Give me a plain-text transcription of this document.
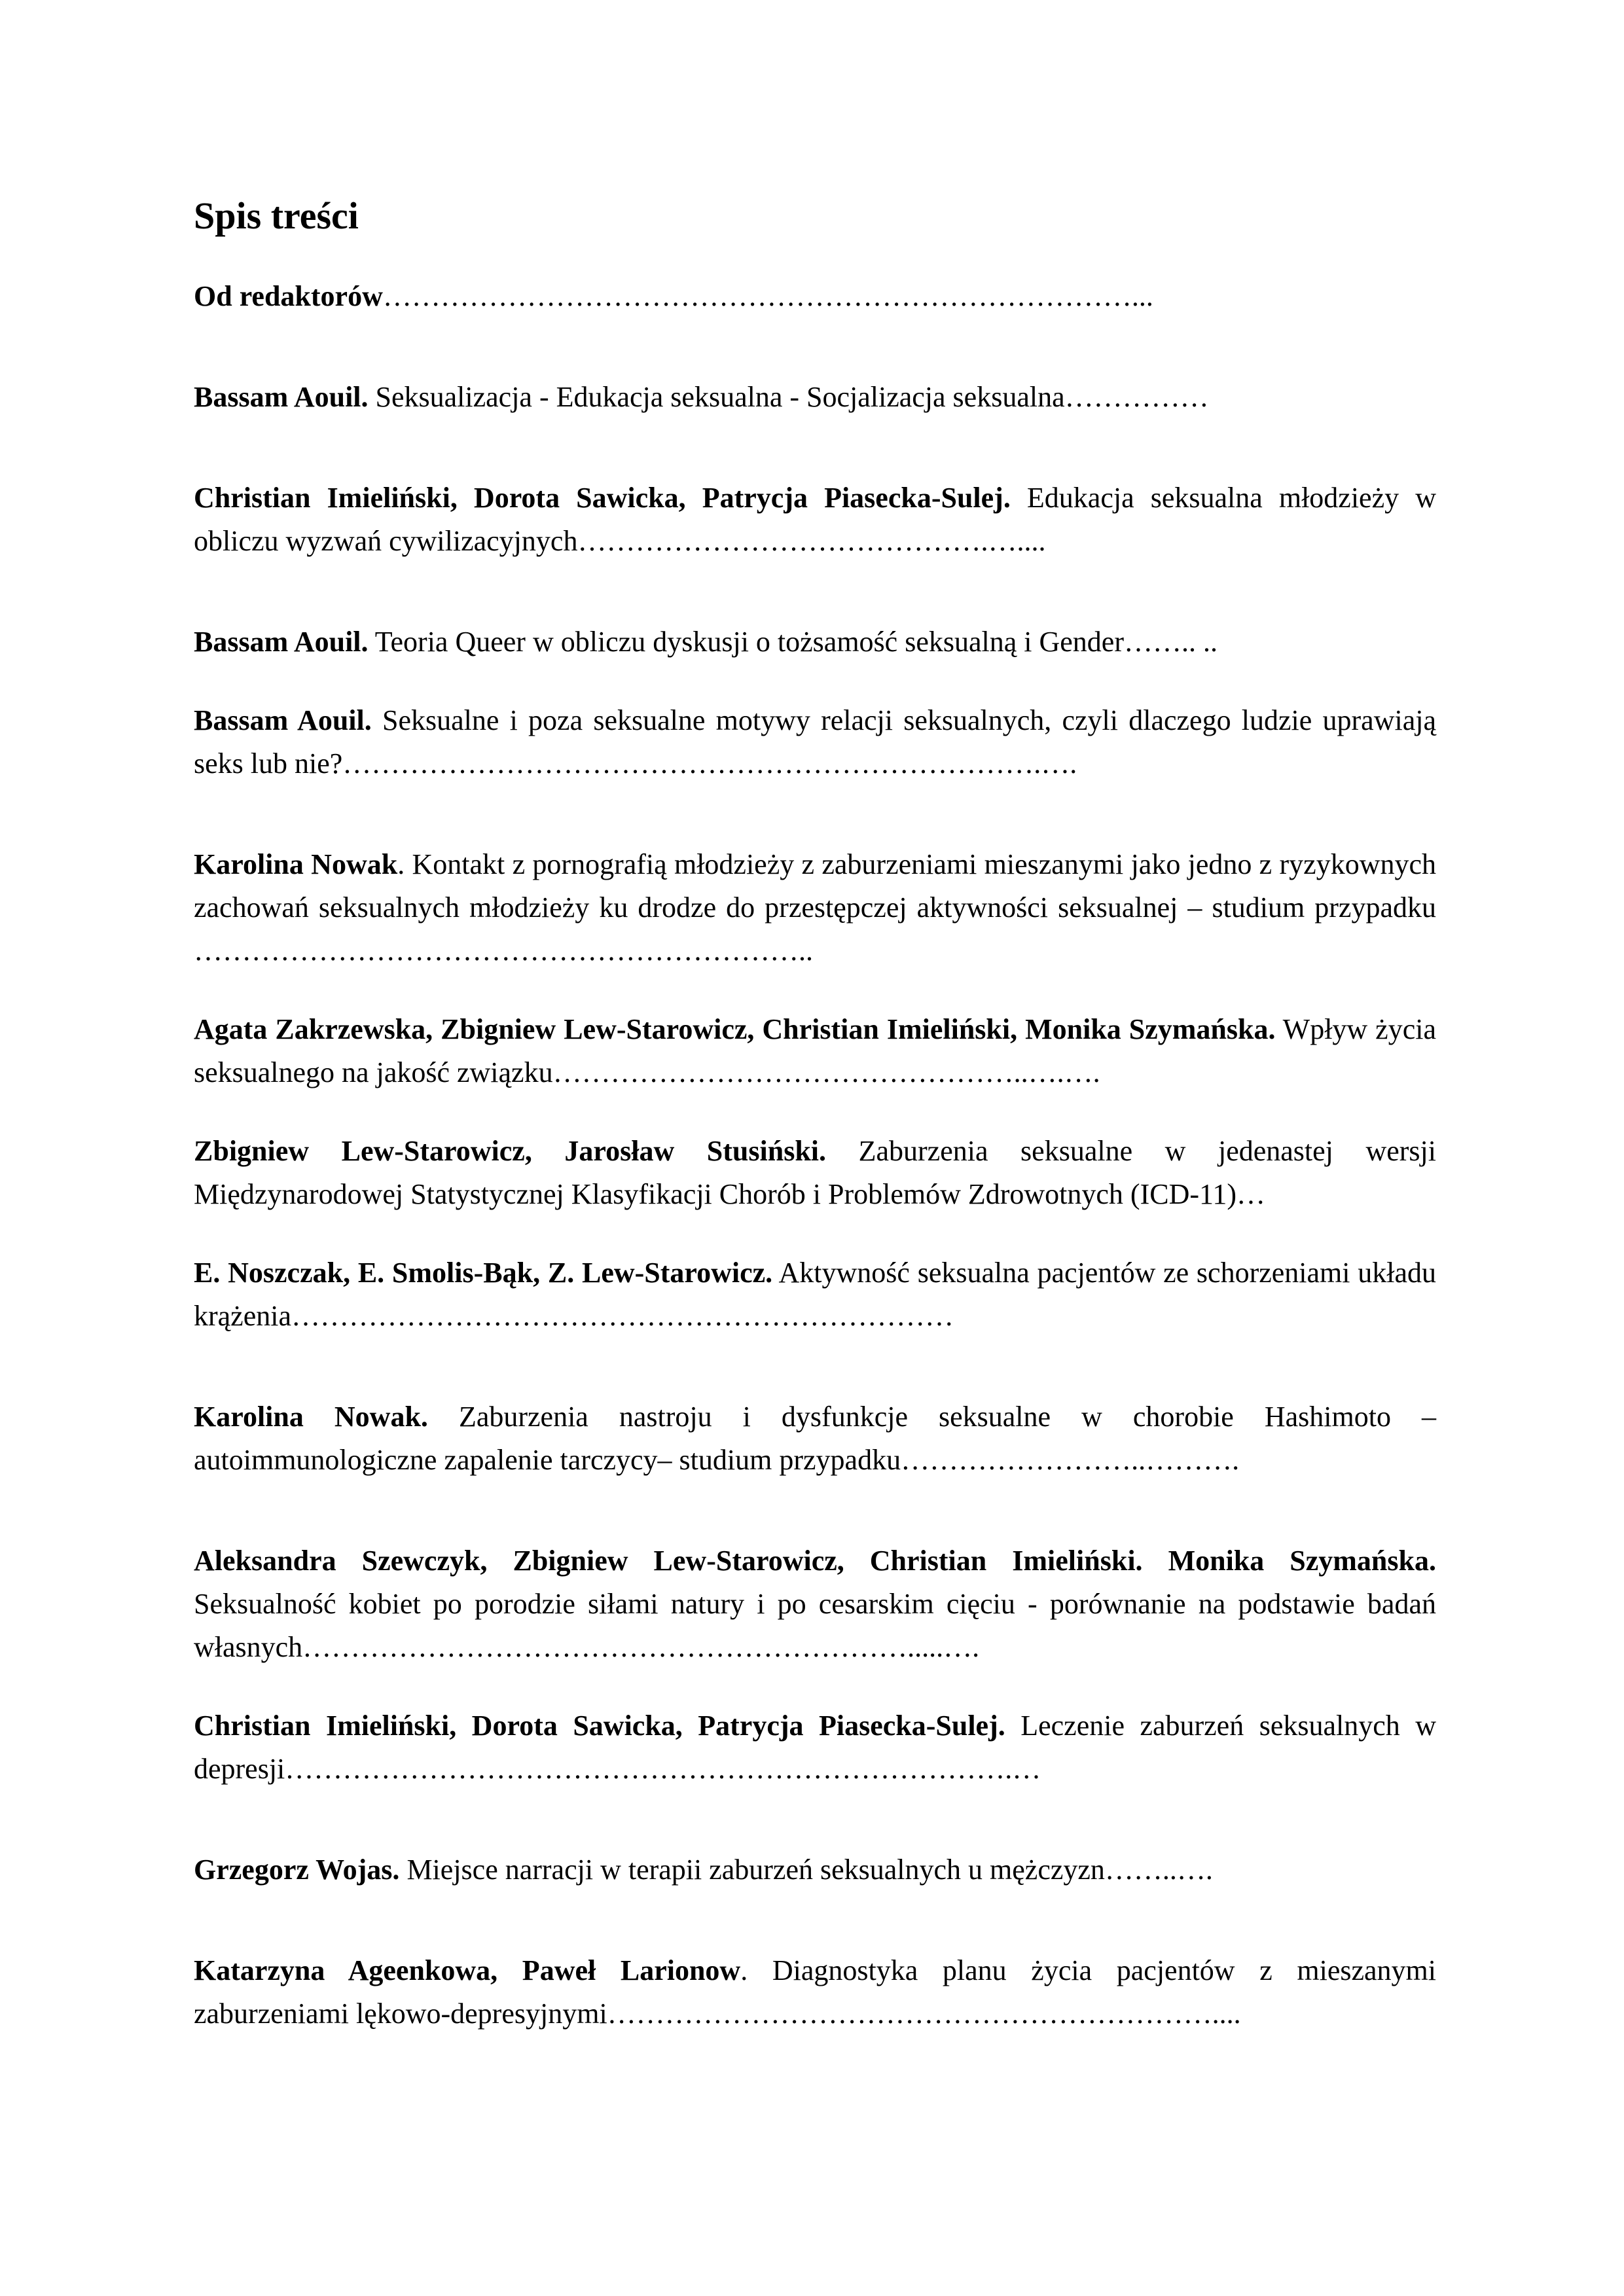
Spis treści

Od redaktorów……………………………………………………………………...

Bassam Aouil. Seksualizacja - Edukacja seksualna - Socjalizacja seksualna……………

Christian Imieliński, Dorota Sawicka, Patrycja Piasecka-Sulej. Edukacja seksualna młodzieży w obliczu wyzwań cywilizacyjnych…………………………………….…....

Bassam Aouil. Teoria Queer w obliczu dyskusji o tożsamość seksualną i Gender…….. ..

Bassam Aouil. Seksualne i poza seksualne motywy relacji seksualnych, czyli dlaczego ludzie uprawiają seks lub nie?……………………………………………………………….….

Karolina Nowak. Kontakt z pornografią młodzieży z zaburzeniami mieszanymi jako jedno z ryzykownych zachowań seksualnych młodzieży ku drodze do przestępczej aktywności seksualnej – studium przypadku ………………………………………………………..

Agata Zakrzewska, Zbigniew Lew-Starowicz, Christian Imieliński, Monika Szymańska. Wpływ życia seksualnego na jakość związku…………………………………………..….….

Zbigniew Lew-Starowicz, Jarosław Stusiński. Zaburzenia seksualne w jedenastej wersji Międzynarodowej Statystycznej Klasyfikacji Chorób i Problemów Zdrowotnych (ICD-11)…

E. Noszczak, E. Smolis-Bąk, Z. Lew-Starowicz. Aktywność seksualna pacjentów ze schorzeniami układu krążenia……………………………………………………………

Karolina Nowak. Zaburzenia nastroju i dysfunkcje seksualne w chorobie Hashimoto – autoimmunologiczne zapalenie tarczycy– studium przypadku……………………..……….

Aleksandra Szewczyk, Zbigniew Lew-Starowicz, Christian Imieliński. Monika Szymańska. Seksualność kobiet po porodzie siłami natury i po cesarskim cięciu - porównanie na podstawie badań własnych……………………………………………………….....….

Christian Imieliński, Dorota Sawicka, Patrycja Piasecka-Sulej. Leczenie zaburzeń seksualnych w depresji………………………………………………………………….…

Grzegorz Wojas. Miejsce narracji w terapii zaburzeń seksualnych u mężczyzn……..….

Katarzyna Ageenkowa, Paweł Larionow. Diagnostyka planu życia pacjentów z mieszanymi zaburzeniami lękowo-depresyjnymi………………………………………………………....
